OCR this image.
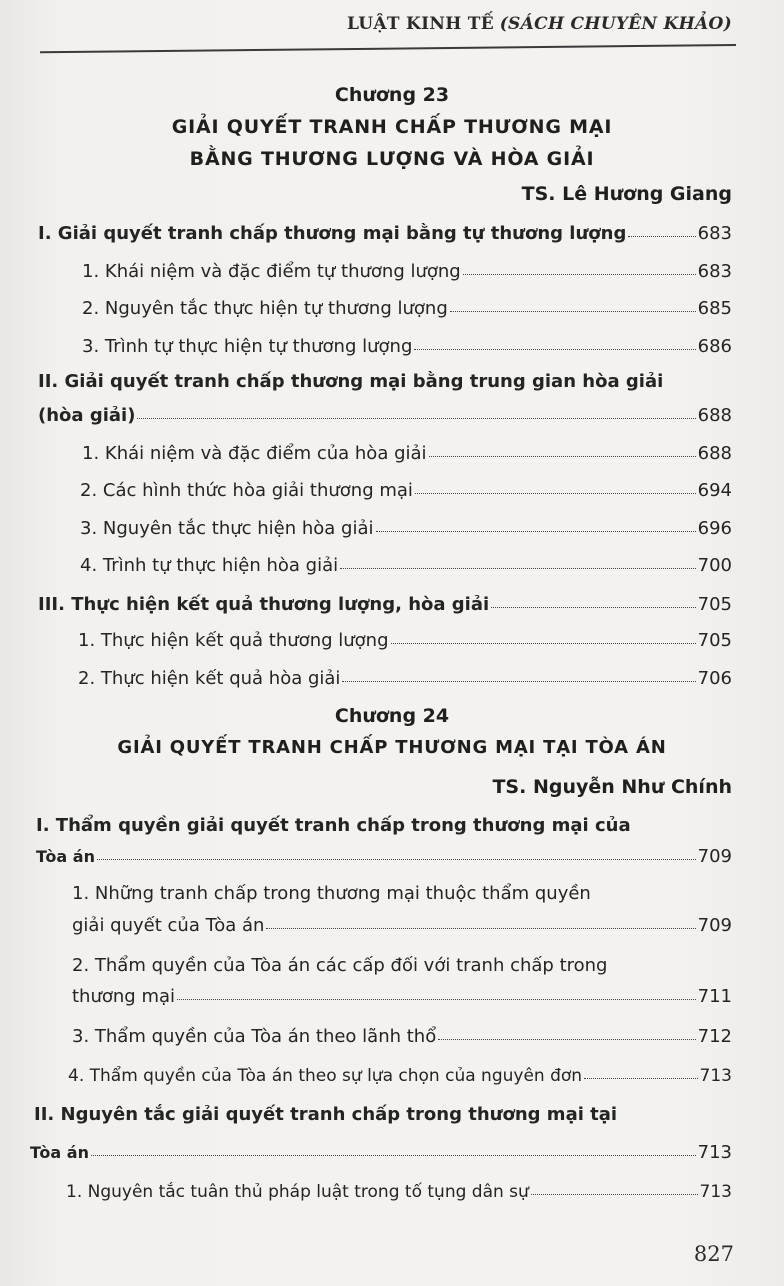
LUẬT KINH TẾ (SÁCH CHUYÊN KHẢO)
Chương 23
GIẢI QUYẾT TRANH CHẤP THƯƠNG MẠI
BẰNG THƯƠNG LƯỢNG VÀ HÒA GIẢI
TS. Lê Hương Giang
I. Giải quyết tranh chấp thương mại bằng tự thương lượng	683
1. Khái niệm và đặc điểm tự thương lượng	683
2. Nguyên tắc thực hiện tự thương lượng	685
3. Trình tự thực hiện tự thương lượng	686
II. Giải quyết tranh chấp thương mại bằng trung gian hòa giải
(hòa giải)	688
1. Khái niệm và đặc điểm của hòa giải	688
2. Các hình thức hòa giải thương mại	694
3. Nguyên tắc thực hiện hòa giải	696
4. Trình tự thực hiện hòa giải	700
III. Thực hiện kết quả thương lượng, hòa giải	705
1. Thực hiện kết quả thương lượng	705
2. Thực hiện kết quả hòa giải	706
Chương 24
GIẢI QUYẾT TRANH CHẤP THƯƠNG MẠI TẠI TÒA ÁN
TS. Nguyễn Như Chính
I. Thẩm quyền giải quyết tranh chấp trong thương mại của
Tòa án	709
1. Những tranh chấp trong thương mại thuộc thẩm quyền
giải quyết của Tòa án	709
2. Thẩm quyền của Tòa án các cấp đối với tranh chấp trong
thương mại	711
3. Thẩm quyền của Tòa án theo lãnh thổ	712
4. Thẩm quyền của Tòa án theo sự lựa chọn của nguyên đơn	713
II. Nguyên tắc giải quyết tranh chấp trong thương mại tại
Tòa án	713
1. Nguyên tắc tuân thủ pháp luật trong tố tụng dân sự	713
827
